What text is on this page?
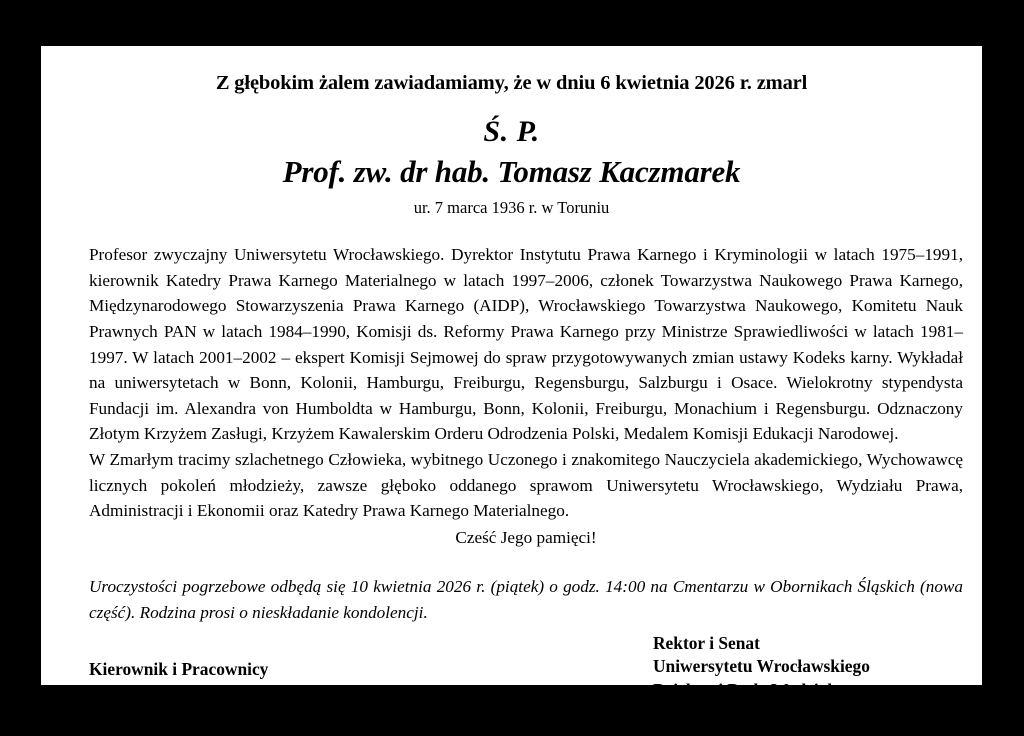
Z głębokim żalem zawiadamiamy, że w dniu 6 kwietnia 2026 r. zmarl
Ś. P.
Prof. zw. dr hab. Tomasz Kaczmarek
ur. 7 marca 1936 r. w Toruniu

Profesor zwyczajny Uniwersytetu Wrocławskiego. Dyrektor Instytutu Prawa Karnego i Kryminologii w latach 1975–1991, kierownik Katedry Prawa Karnego Materialnego w latach 1997–2006, członek Towarzystwa Naukowego Prawa Karnego, Międzynarodowego Stowarzyszenia Prawa Karnego (AIDP), Wrocławskiego Towarzystwa Naukowego, Komitetu Nauk Prawnych PAN w latach 1984–1990, Komisji ds. Reformy Prawa Karnego przy Ministrze Sprawiedliwości w latach 1981–1997. W latach 2001–2002 – ekspert Komisji Sejmowej do spraw przygotowywanych zmian ustawy Kodeks karny. Wykładał na uniwersytetach w Bonn, Kolonii, Hamburgu, Freiburgu, Regensburgu, Salzburgu i Osace. Wielokrotny stypendysta Fundacji im. Alexandra von Humboldta w Hamburgu, Bonn, Kolonii, Freiburgu, Monachium i Regensburgu. Odznaczony Złotym Krzyżem Zasługi, Krzyżem Kawalerskim Orderu Odrodzenia Polski, Medalem Komisji Edukacji Narodowej.

W Zmarłym tracimy szlachetnego Człowieka, wybitnego Uczonego i znakomitego Nauczyciela akademickiego, Wychowawcę licznych pokoleń młodzieży, zawsze głęboko oddanego sprawom Uniwersytetu Wrocławskiego, Wydziału Prawa, Administracji i Ekonomii oraz Katedry Prawa Karnego Materialnego.

Cześć Jego pamięci!

Uroczystości pogrzebowe odbędą się 10 kwietnia 2026 r. (piątek) o godz. 14:00 na Cmentarzu w Obornikach Śląskich (nowa część). Rodzina prosi o nieskładanie kondolencji.

Rektor i Senat
Uniwersytetu Wrocławskiego
Dziekan i Rada Wydziału
Prawa, Administracji i Ekonomii
Kierownik i Pracownicy
Katedry Prawa Karnego Materialnego
